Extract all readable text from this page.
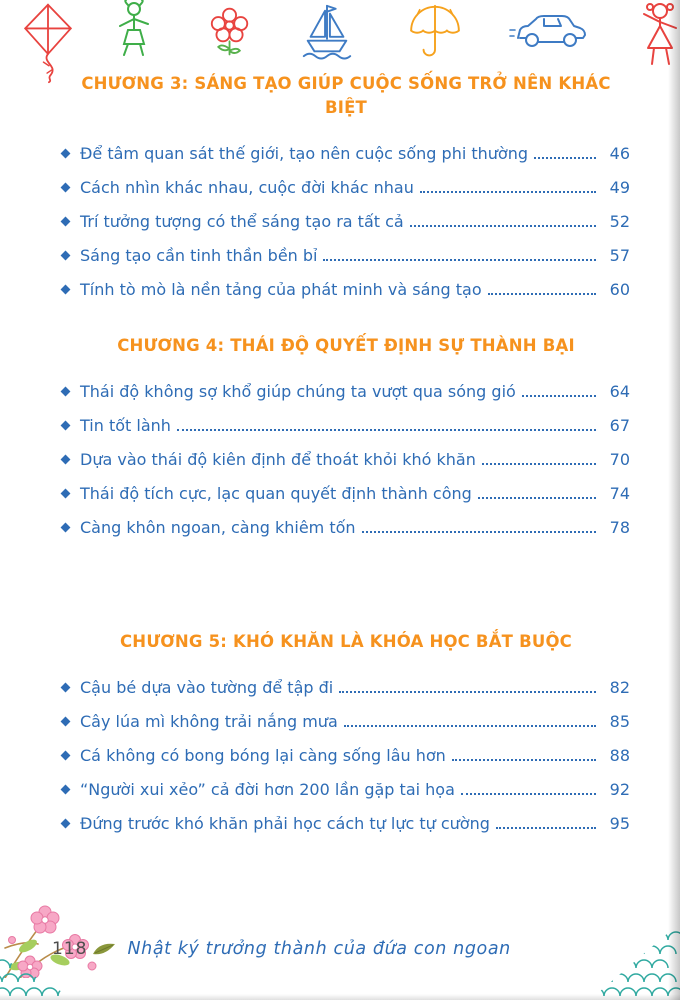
CHƯƠNG 3: SÁNG TẠO GIÚP CUỘC SỐNG TRỞ NÊN KHÁC BIỆT
Để tâm quan sát thế giới, tạo nên cuộc sống phi thường	46
Cách nhìn khác nhau, cuộc đời khác nhau	49
Trí tưởng tượng có thể sáng tạo ra tất cả	52
Sáng tạo cần tinh thần bền bỉ	57
Tính tò mò là nền tảng của phát minh và sáng tạo	60
CHƯƠNG 4: THÁI ĐỘ QUYẾT ĐỊNH SỰ THÀNH BẠI
Thái độ không sợ khổ giúp chúng ta vượt qua sóng gió	64
Tin tốt lành	67
Dựa vào thái độ kiên định để thoát khỏi khó khăn	70
Thái độ tích cực, lạc quan quyết định thành công	74
Càng khôn ngoan, càng khiêm tốn	78
CHƯƠNG 5: KHÓ KHĂN LÀ KHÓA HỌC BẮT BUỘC
Cậu bé dựa vào tường để tập đi	82
Cây lúa mì không trải nắng mưa	85
Cá không có bong bóng lại càng sống lâu hơn	88
“Người xui xẻo” cả đời hơn 200 lần gặp tai họa	92
Đứng trước khó khăn phải học cách tự lực tự cường	95
118 Nhật ký trưởng thành của đứa con ngoan
